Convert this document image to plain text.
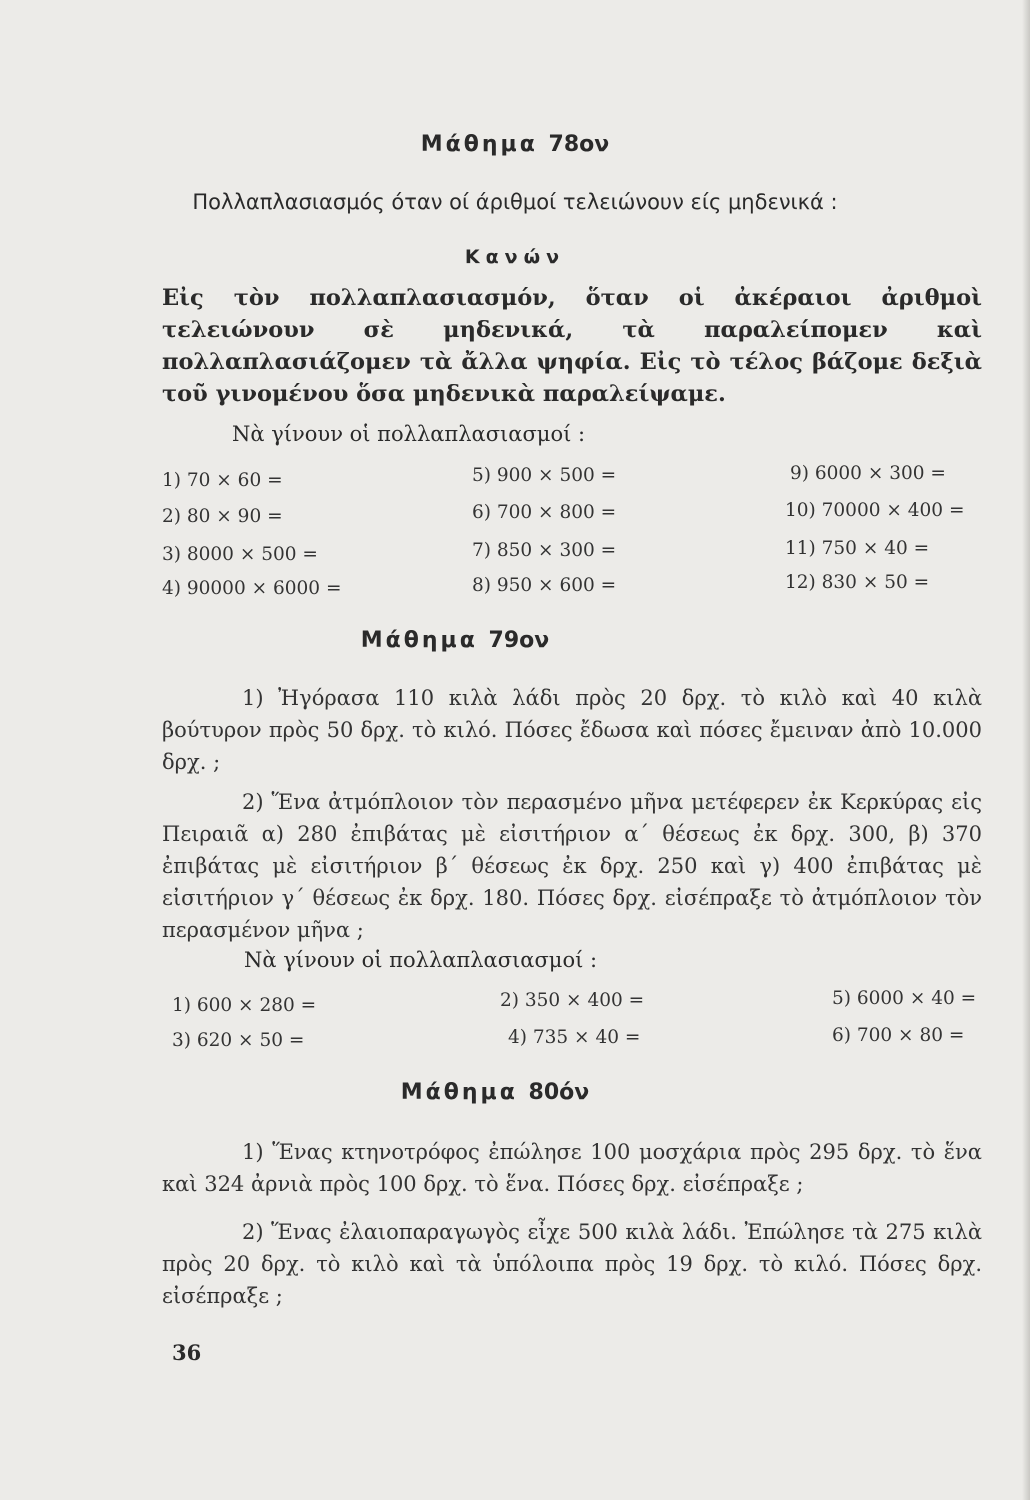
Μάθημα 78ον
Πολλαπλασιασμός όταν οί άριθμοί τελειώνουν είς μηδενικά :
Κανών
Εἰς τὸν πολλαπλασιασμόν, ὅταν οἱ ἀκέραιοι ἀριθμοὶ τελειώνουν σὲ μηδενικά, τὰ παραλείπομεν καὶ πολλαπλασιάζομεν τὰ ἄλλα ψηφία. Εἰς τὸ τέλος βάζομε δεξιὰ τοῦ γινομένου ὅσα μηδενικὰ παραλείψαμε.
Νὰ γίνουν οἱ πολλαπλασιασμοί :
1) 70 × 60 =
2) 80 × 90 =
3) 8000 × 500 =
4) 90000 × 6000 =
5) 900 × 500 =
6) 700 × 800 =
7) 850 × 300 =
8) 950 × 600 =
9) 6000 × 300 =
10) 70000 × 400 =
11) 750 × 40 =
12) 830 × 50 =
Μάθημα 79ον
1) Ἠγόρασα 110 κιλὰ λάδι πρὸς 20 δρχ. τὸ κιλὸ καὶ 40 κιλὰ βούτυρον πρὸς 50 δρχ. τὸ κιλό. Πόσες ἔδωσα καὶ πόσες ἔμειναν ἀπὸ 10.000 δρχ. ;
2) Ἕνα ἀτμόπλοιον τὸν περασμένο μῆνα μετέφερεν ἐκ Κερκύρας εἰς Πειραιᾶ α) 280 ἐπιβάτας μὲ εἰσιτήριον α΄ θέσεως ἐκ δρχ. 300, β) 370 ἐπιβάτας μὲ εἰσιτήριον β΄ θέσεως ἐκ δρχ. 250 καὶ γ) 400 ἐπιβάτας μὲ εἰσιτήριον γ΄ θέσεως ἐκ δρχ. 180. Πόσες δρχ. εἰσέπραξε τὸ ἀτμόπλοιον τὸν περασμένον μῆνα ;
Νὰ γίνουν οἱ πολλαπλασιασμοί :
1) 600 × 280 =
3) 620 × 50 =
2) 350 × 400 =
4) 735 × 40 =
5) 6000 × 40 =
6) 700 × 80 =
Μάθημα 80όν
1) Ἕνας κτηνοτρόφος ἐπώλησε 100 μοσχάρια πρὸς 295 δρχ. τὸ ἕνα καὶ 324 ἀρνιὰ πρὸς 100 δρχ. τὸ ἕνα. Πόσες δρχ. εἰσέπραξε ;
2) Ἕνας ἐλαιοπαραγωγὸς εἶχε 500 κιλὰ λάδι. Ἐπώλησε τὰ 275 κιλὰ πρὸς 20 δρχ. τὸ κιλὸ καὶ τὰ ὑπόλοιπα πρὸς 19 δρχ. τὸ κιλό. Πόσες δρχ. εἰσέπραξε ;
36
